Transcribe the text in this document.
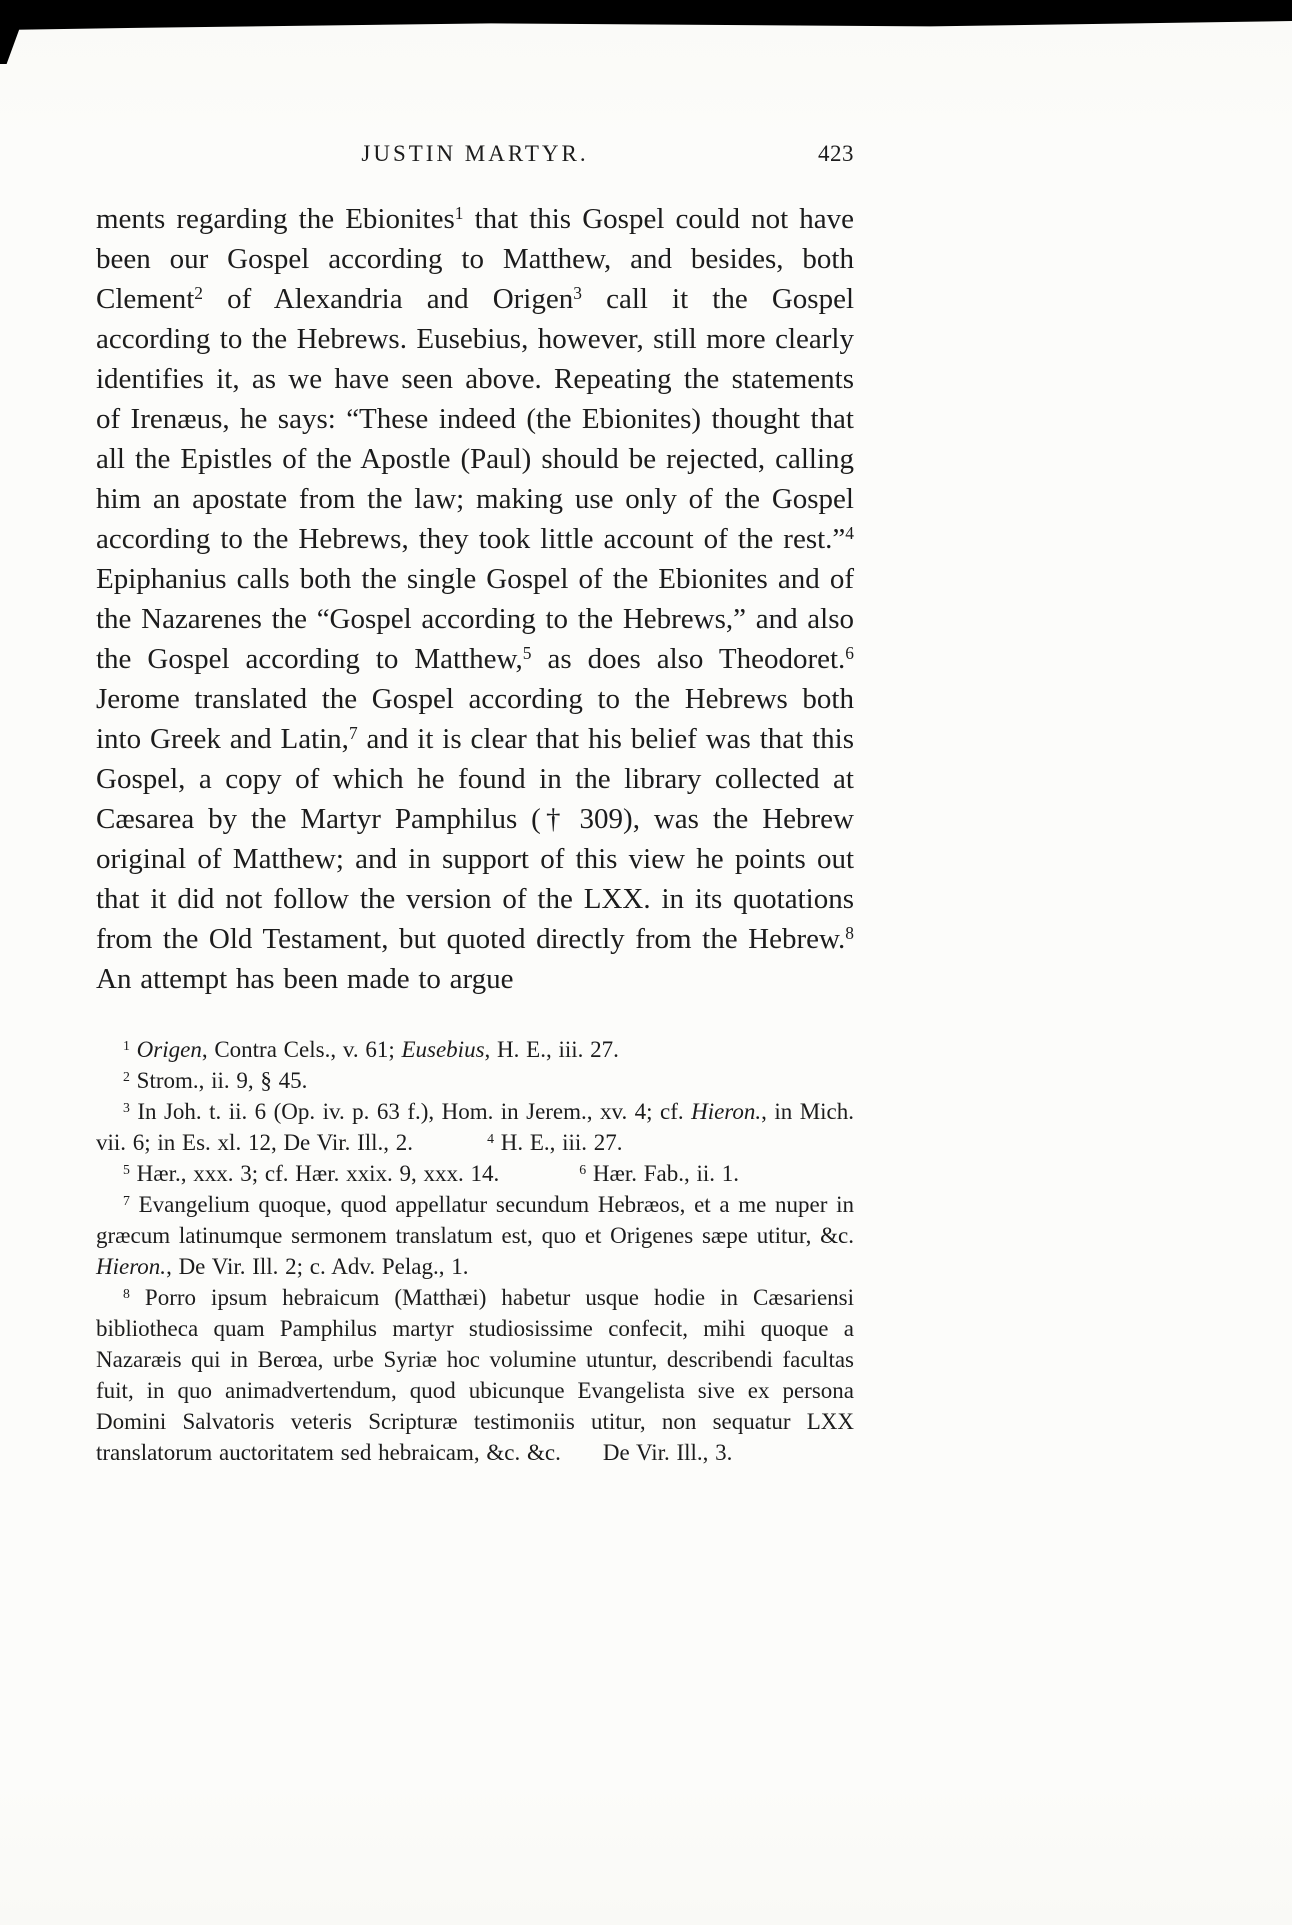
JUSTIN MARTYR.	423

ments regarding the Ebionites$^1$ that this Gospel could not have been our Gospel according to Matthew, and besides, both Clement$^2$ of Alexandria and Origen$^3$ call it the Gospel according to the Hebrews. Eusebius, however, still more clearly identifies it, as we have seen above. Repeating the statements of Irenæus, he says: “These indeed (the Ebionites) thought that all the Epistles of the Apostle (Paul) should be rejected, calling him an apostate from the law; making use only of the Gospel according to the Hebrews, they took little account of the rest.”$^4$ Epiphanius calls both the single Gospel of the Ebionites and of the Nazarenes the “Gospel according to the Hebrews,” and also the Gospel according to Matthew,$^5$ as does also Theodoret.$^6$ Jerome translated the Gospel according to the Hebrews both into Greek and Latin,$^7$ and it is clear that his belief was that this Gospel, a copy of which he found in the library collected at Cæsarea by the Martyr Pamphilus († 309), was the Hebrew original of Matthew; and in support of this view he points out that it did not follow the version of the LXX. in its quotations from the Old Testament, but quoted directly from the Hebrew.$^8$ An attempt has been made to argue

$^1$ Origen, Contra Cels., v. 61; Eusebius, H. E., iii. 27.

$^2$ Strom., ii. 9, § 45.

$^3$ In Joh. t. ii. 6 (Op. iv. p. 63 f.), Hom. in Jerem., xv. 4; cf. Hieron., in Mich. vii. 6; in Es. xl. 12, De Vir. Ill., 2.	$^4$ H. E., iii. 27.

$^5$ Hær., xxx. 3; cf. Hær. xxix. 9, xxx. 14.	$^6$ Hær. Fab., ii. 1.

$^7$ Evangelium quoque, quod appellatur secundum Hebræos, et a me nuper in græcum latinumque sermonem translatum est, quo et Origenes sæpe utitur, &c. Hieron., De Vir. Ill. 2; c. Adv. Pelag., 1.

$^8$ Porro ipsum hebraicum (Matthæi) habetur usque hodie in Cæsariensi bibliotheca quam Pamphilus martyr studiosissime confecit, mihi quoque a Nazaræis qui in Berœa, urbe Syriæ hoc volumine utuntur, describendi facultas fuit, in quo animadvertendum, quod ubicunque Evangelista sive ex persona Domini Salvatoris veteris Scripturæ testimoniis utitur, non sequatur LXX translatorum auctoritatem sed hebraicam, &c. &c. De Vir. Ill., 3.
